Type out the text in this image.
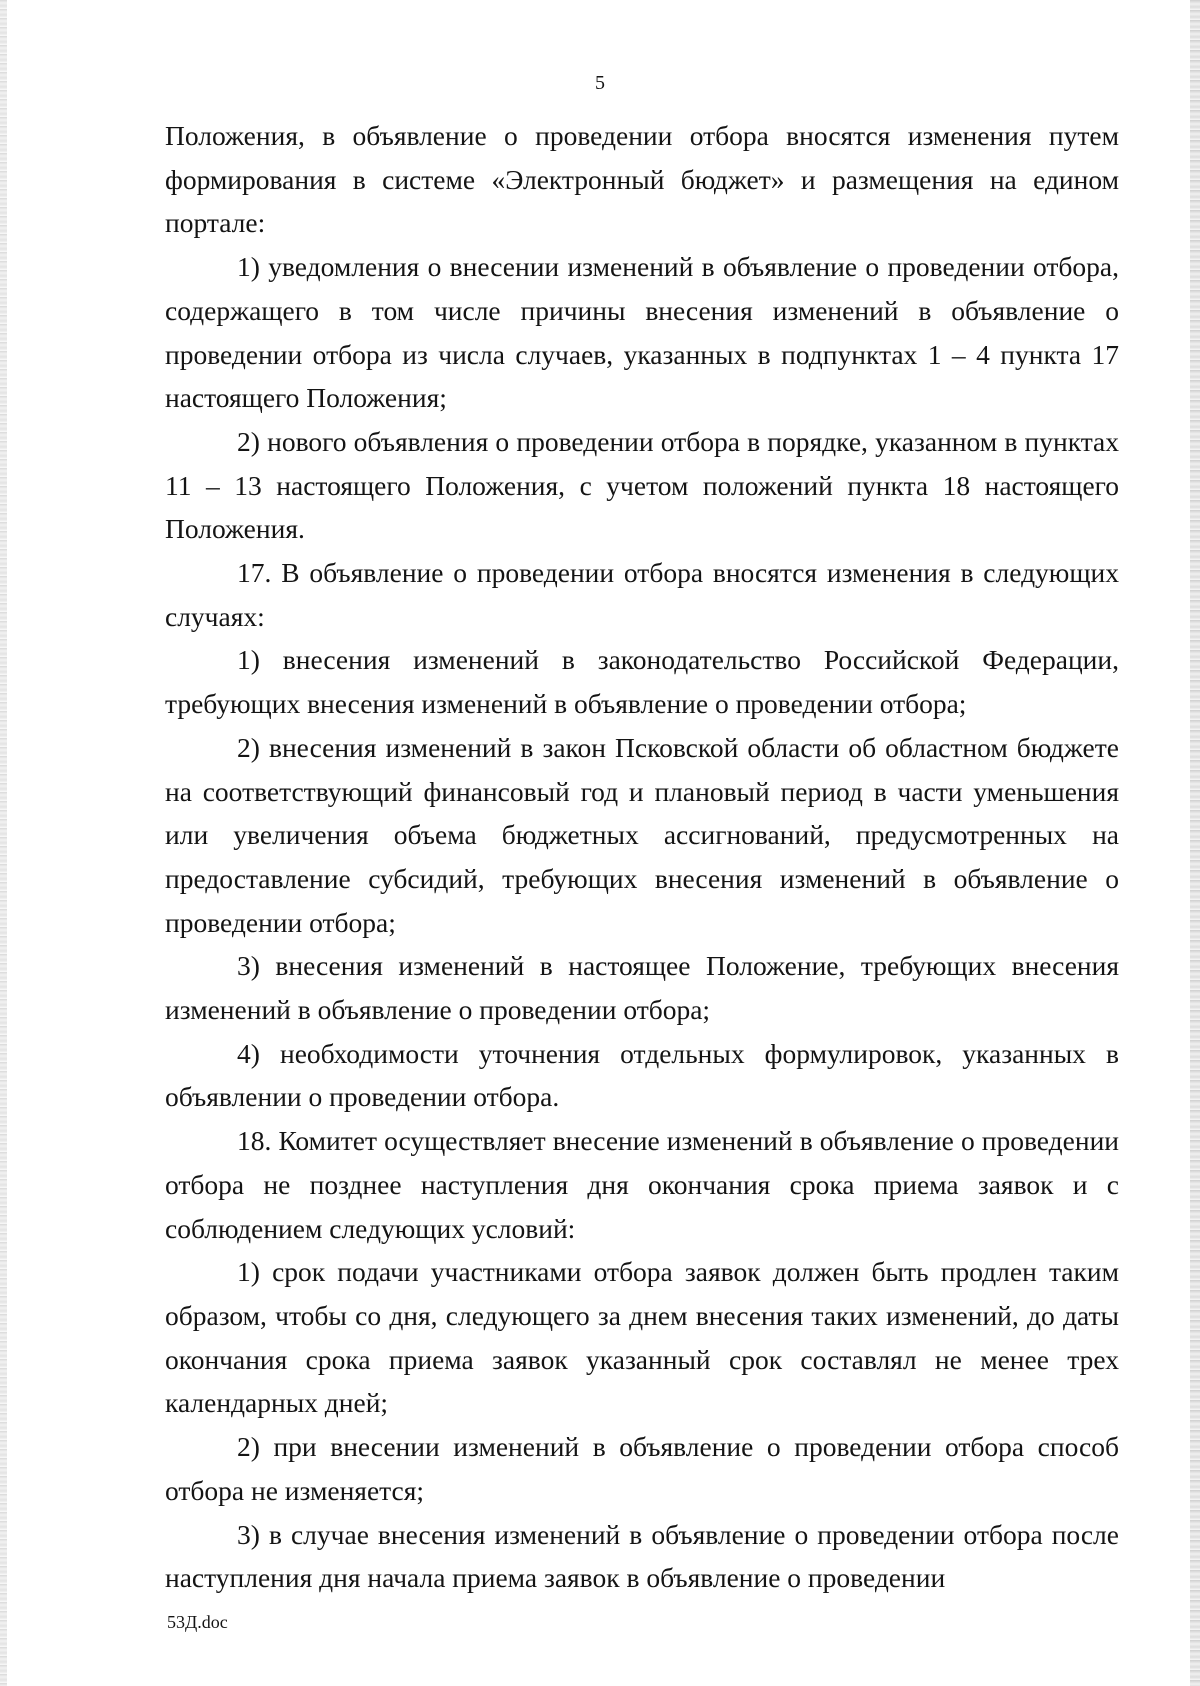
5

Положения, в объявление о проведении отбора вносятся изменения путем формирования в системе «Электронный бюджет» и размещения на едином портале:

1) уведомления о внесении изменений в объявление о проведении отбора, содержащего в том числе причины внесения изменений в объявление о проведении отбора из числа случаев, указанных в подпунктах 1 – 4 пункта 17 настоящего Положения;

2) нового объявления о проведении отбора в порядке, указанном в пунктах 11 – 13 настоящего Положения, с учетом положений пункта 18 настоящего Положения.

17. В объявление о проведении отбора вносятся изменения в следующих случаях:

1) внесения изменений в законодательство Российской Федерации, требующих внесения изменений в объявление о проведении отбора;

2) внесения изменений в закон Псковской области об областном бюджете на соответствующий финансовый год и плановый период в части уменьшения или увеличения объема бюджетных ассигнований, предусмотренных на предоставление субсидий, требующих внесения изменений в объявление о проведении отбора;

3) внесения изменений в настоящее Положение, требующих внесения изменений в объявление о проведении отбора;

4) необходимости уточнения отдельных формулировок, указанных в объявлении о проведении отбора.

18. Комитет осуществляет внесение изменений в объявление о проведении отбора не позднее наступления дня окончания срока приема заявок и с соблюдением следующих условий:

1) срок подачи участниками отбора заявок должен быть продлен таким образом, чтобы со дня, следующего за днем внесения таких изменений, до даты окончания срока приема заявок указанный срок составлял не менее трех календарных дней;

2) при внесении изменений в объявление о проведении отбора способ отбора не изменяется;

3) в случае внесения изменений в объявление о проведении отбора после наступления дня начала приема заявок в объявление о проведении

53Д.doc
